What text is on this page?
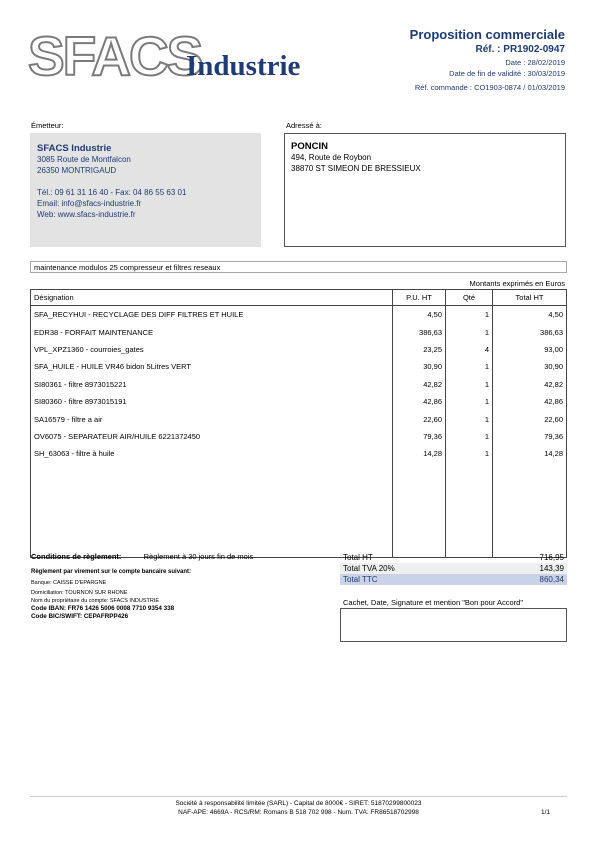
SFACS
Industrie
Proposition commerciale
Réf. : PR1902-0947
Date : 28/02/2019
Date de fin de validité : 30/03/2019
Réf. commande : CO1903-0874 / 01/03/2019
Émetteur:
SFACS Industrie
3085 Route de Montfalcon
26350 MONTRIGAUD
Tél.: 09 61 31 16 40 - Fax: 04 86 55 63 01
Email: info@sfacs-industrie.fr
Web: www.sfacs-industrie.fr
Adressé à:
PONCIN
494, Route de Roybon
38870 ST SIMEON DE BRESSIEUX
maintenance modulos 25 compresseur et filtres reseaux
Montants exprimés en Euros
Désignation	P.U. HT	Qté	Total HT
SFA_RECYHUI - RECYCLAGE DES DIFF FILTRES ET HUILE	4,50	1	4,50
EDR38 - FORFAIT MAINTENANCE	386,63	1	386,63
VPL_XPZ1360 - courroies_gates	23,25	4	93,00
SFA_HUILE - HUILE VR46 bidon 5Litres VERT	30,90	1	30,90
SI80361 - filtre 8973015221	42,82	1	42,82
SI80360 - filtre 8973015191	42,86	1	42,86
SA16579 - filtre a air	22,60	1	22,60
OV6075 - SEPARATEUR AIR/HUILE 6221372450	79,36	1	79,36
SH_63063 - filtre à huile	14,28	1	14,28

Conditions de règlement:	Règlement à 30 jours fin de mois
Règlement par virement sur le compte bancaire suivant:
Banque: CAISSE D'EPARGNE
Domiciliation: TOURNON SUR RHONE
Nom du propriétaire du compte: SFACS INDUSTRIE
Code IBAN: FR76 1426 5006 0008 7710 9354 338
Code BIC/SWIFT: CEPAFRPP426
Total HT	716,95
Total TVA 20%	143,39
Total TTC	860,34
Cachet, Date, Signature et mention "Bon pour Accord"
Société à responsabilité limitée (SARL) - Capital de 8000€ - SIRET: 51870299800023
NAF-APE: 4669A - RCS/RM: Romans B 518 702 998 - Num. TVA: FR86518702998	1/1
